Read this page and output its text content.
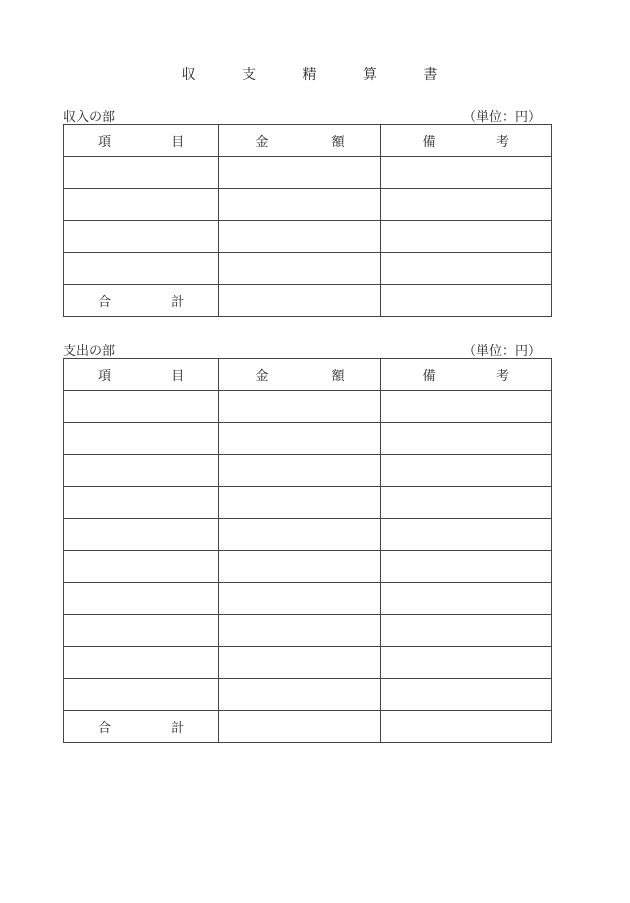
収 支 精 算 書
収入の部	（単位：円）
項 目	金 額	備 考

合 計		

支出の部	（単位：円）
項 目	金 額	備 考

合 計		
